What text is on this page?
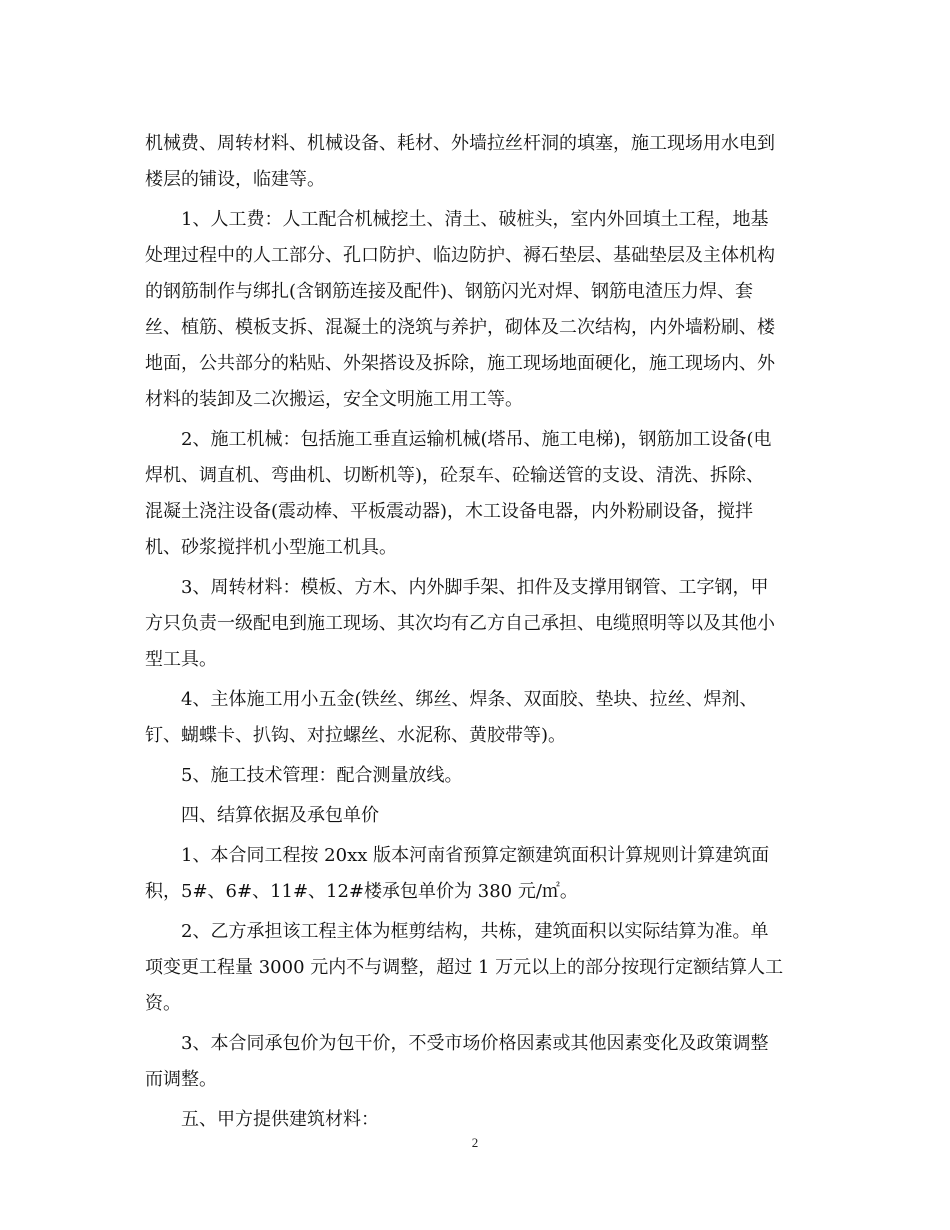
机械费、周转材料、机械设备、耗材、外墙拉丝杆洞的填塞，施工现场用水电到
楼层的铺设，临建等。
1、人工费：人工配合机械挖土、清土、破桩头，室内外回填土工程，地基
处理过程中的人工部分、孔口防护、临边防护、褥石垫层、基础垫层及主体机构
的钢筋制作与绑扎(含钢筋连接及配件)、钢筋闪光对焊、钢筋电渣压力焊、套
丝、植筋、模板支拆、混凝土的浇筑与养护，砌体及二次结构，内外墙粉刷、楼
地面，公共部分的粘贴、外架搭设及拆除，施工现场地面硬化，施工现场内、外
材料的装卸及二次搬运，安全文明施工用工等。
2、施工机械：包括施工垂直运输机械(塔吊、施工电梯)，钢筋加工设备(电
焊机、调直机、弯曲机、切断机等)，砼泵车、砼输送管的支设、清洗、拆除、
混凝土浇注设备(震动棒、平板震动器)，木工设备电器，内外粉刷设备，搅拌
机、砂浆搅拌机小型施工机具。
3、周转材料：模板、方木、内外脚手架、扣件及支撑用钢管、工字钢，甲
方只负责一级配电到施工现场、其次均有乙方自己承担、电缆照明等以及其他小
型工具。
4、主体施工用小五金(铁丝、绑丝、焊条、双面胶、垫块、拉丝、焊剂、
钉、蝴蝶卡、扒钩、对拉螺丝、水泥称、黄胶带等)。
5、施工技术管理：配合测量放线。
四、结算依据及承包单价
1、本合同工程按 20xx 版本河南省预算定额建筑面积计算规则计算建筑面
积，5#、6#、11#、12#楼承包单价为 380 元/㎡。
2、乙方承担该工程主体为框剪结构，共栋，建筑面积以实际结算为准。单
项变更工程量 3000 元内不与调整，超过 1 万元以上的部分按现行定额结算人工
资。
3、本合同承包价为包干价，不受市场价格因素或其他因素变化及政策调整
而调整。
五、甲方提供建筑材料：
2
